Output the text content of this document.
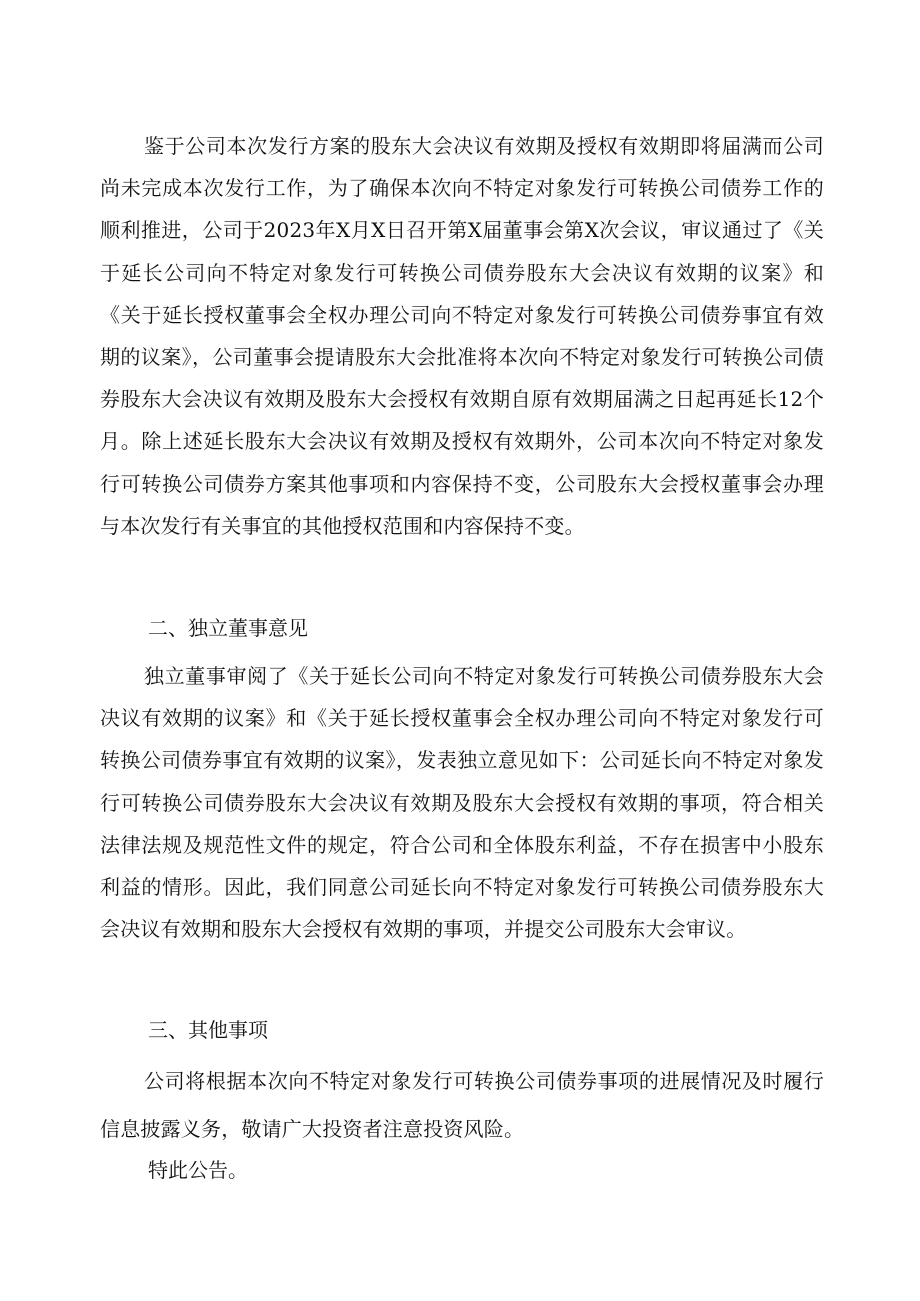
鉴于公司本次发行方案的股东大会决议有效期及授权有效期即将届满而公司尚未完成本次发行工作，为了确保本次向不特定对象发行可转换公司债券工作的顺利推进，公司于2023年X月X日召开第X届董事会第X次会议，审议通过了《关于延长公司向不特定对象发行可转换公司债券股东大会决议有效期的议案》和《关于延长授权董事会全权办理公司向不特定对象发行可转换公司债券事宜有效期的议案》，公司董事会提请股东大会批准将本次向不特定对象发行可转换公司债券股东大会决议有效期及股东大会授权有效期自原有效期届满之日起再延长12个月。除上述延长股东大会决议有效期及授权有效期外，公司本次向不特定对象发行可转换公司债券方案其他事项和内容保持不变，公司股东大会授权董事会办理与本次发行有关事宜的其他授权范围和内容保持不变。

二、独立董事意见

独立董事审阅了《关于延长公司向不特定对象发行可转换公司债券股东大会决议有效期的议案》和《关于延长授权董事会全权办理公司向不特定对象发行可转换公司债券事宜有效期的议案》，发表独立意见如下：公司延长向不特定对象发行可转换公司债券股东大会决议有效期及股东大会授权有效期的事项，符合相关法律法规及规范性文件的规定，符合公司和全体股东利益，不存在损害中小股东利益的情形。因此，我们同意公司延长向不特定对象发行可转换公司债券股东大会决议有效期和股东大会授权有效期的事项，并提交公司股东大会审议。

三、其他事项

公司将根据本次向不特定对象发行可转换公司债券事项的进展情况及时履行信息披露义务，敬请广大投资者注意投资风险。

特此公告。
